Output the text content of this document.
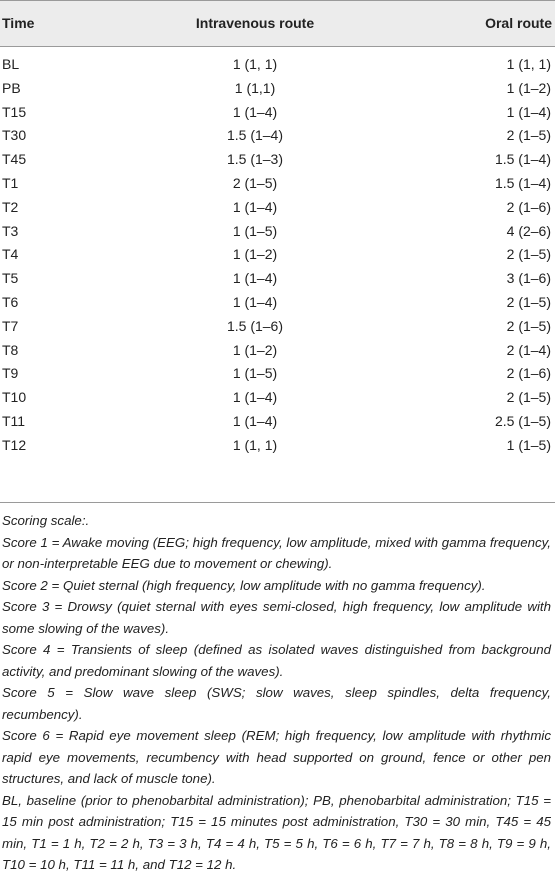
Time	Intravenous route	Oral route
BL	1 (1, 1)	1 (1, 1)
PB	1 (1,1)	1 (1–2)
T15	1 (1–4)	1 (1–4)
T30	1.5 (1–4)	2 (1–5)
T45	1.5 (1–3)	1.5 (1–4)
T1	2 (1–5)	1.5 (1–4)
T2	1 (1–4)	2 (1–6)
T3	1 (1–5)	4 (2–6)
T4	1 (1–2)	2 (1–5)
T5	1 (1–4)	3 (1–6)
T6	1 (1–4)	2 (1–5)
T7	1.5 (1–6)	2 (1–5)
T8	1 (1–2)	2 (1–4)
T9	1 (1–5)	2 (1–6)
T10	1 (1–4)	2 (1–5)
T11	1 (1–4)	2.5 (1–5)
T12	1 (1, 1)	1 (1–5)

Scoring scale:.

Score 1 = Awake moving (EEG; high frequency, low amplitude, mixed with gamma frequency, or non-interpretable EEG due to movement or chewing).

Score 2 = Quiet sternal (high frequency, low amplitude with no gamma frequency).

Score 3 = Drowsy (quiet sternal with eyes semi-closed, high frequency, low amplitude with some slowing of the waves).

Score 4 = Transients of sleep (defined as isolated waves distinguished from background activity, and predominant slowing of the waves).

Score 5 = Slow wave sleep (SWS; slow waves, sleep spindles, delta frequency, recumbency).

Score 6 = Rapid eye movement sleep (REM; high frequency, low amplitude with rhythmic rapid eye movements, recumbency with head supported on ground, fence or other pen structures, and lack of muscle tone).

BL, baseline (prior to phenobarbital administration); PB, phenobarbital administration; T15 = 15 min post administration; T15 = 15 minutes post administration, T30 = 30 min, T45 = 45 min, T1 = 1 h, T2 = 2 h, T3 = 3 h, T4 = 4 h, T5 = 5 h, T6 = 6 h, T7 = 7 h, T8 = 8 h, T9 = 9 h, T10 = 10 h, T11 = 11 h, and T12 = 12 h.
